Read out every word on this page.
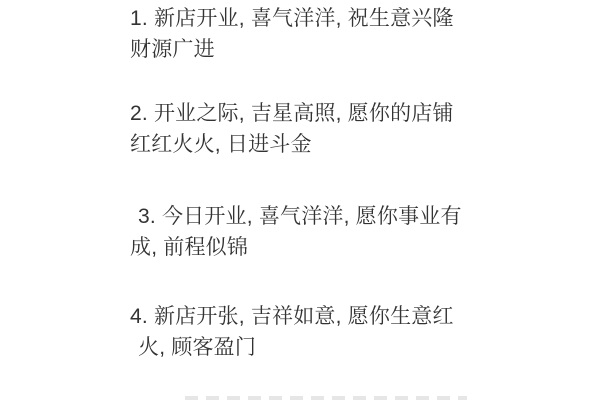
1. 新店开业, 喜气洋洋, 祝生意兴隆
财源广进
2. 开业之际, 吉星高照, 愿你的店铺
红红火火, 日进斗金
3. 今日开业, 喜气洋洋, 愿你事业有
成, 前程似锦
4. 新店开张, 吉祥如意, 愿你生意红
火, 顾客盈门
